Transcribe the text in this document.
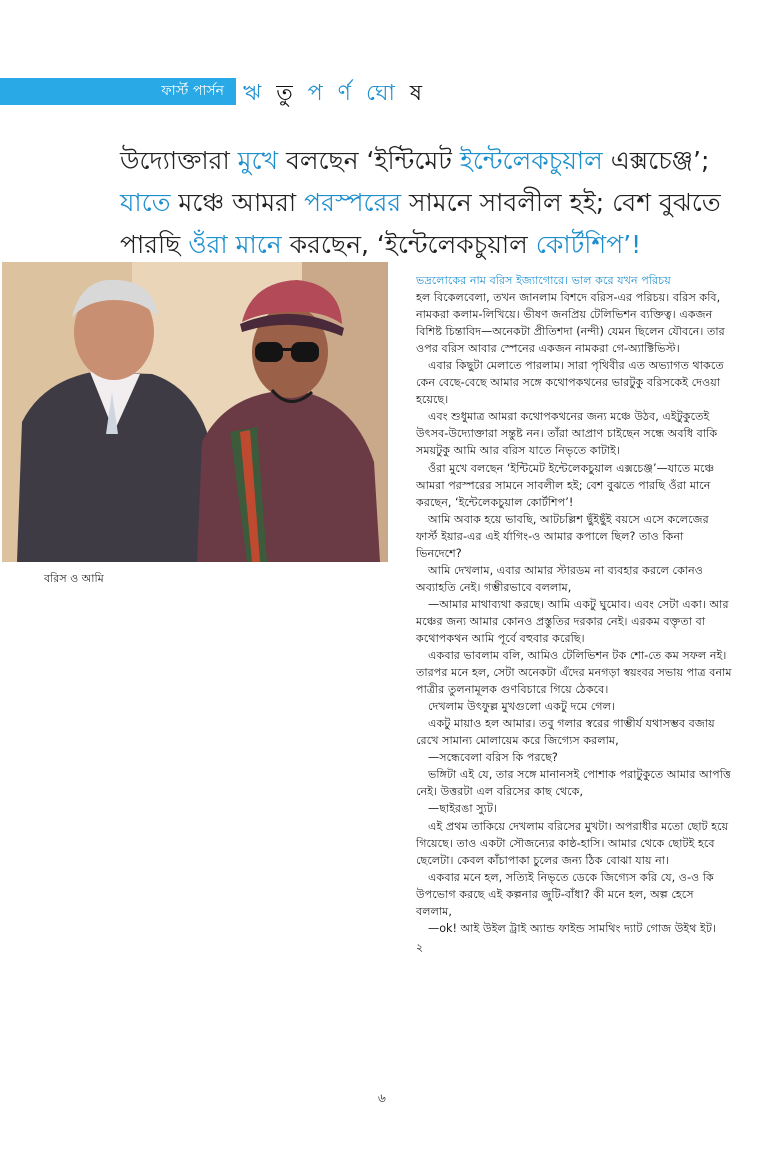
ফার্স্ট পার্সন ঋ তু প র্ণ ঘো ষ
উদ্যোক্তারা মুখে বলছেন ‘ইন্টিমেট ইন্টেলেকচুয়াল এক্সচেঞ্জ’; যাতে মঞ্চে আমরা পরস্পরের সামনে সাবলীল হই; বেশ বুঝতে পারছি ওঁরা মানে করছেন, ‘ইন্টেলেকচুয়াল কোর্টশিপ’!
বরিস ও আমি

ভদ্রলোকের নাম বরিস ইজ্যাগোরে। ভাল করে যখন পরিচয়

হল বিকেলবেলা, তখন জানলাম বিশদে বরিস-এর পরিচয়। বরিস কবি, নামকরা কলাম-লিখিয়ে। ভীষণ জনপ্রিয় টেলিভিশন ব্যক্তিত্ব। একজন বিশিষ্ট চিন্তাবিদ—অনেকটা প্রীতিশদা (নন্দী) যেমন ছিলেন যৌবনে। তার ওপর বরিস আবার স্পেনের একজন নামকরা গে-অ্যাক্টিভিস্ট।

এবার কিছুটা মেলাতে পারলাম। সারা পৃথিবীর এত অভ্যাগত থাকতে কেন বেছে-বেছে আমার সঙ্গে কথোপকথনের ভারটুকু বরিসকেই দেওয়া হয়েছে।

এবং শুধুমাত্র আমরা কথোপকথনের জন্য মঞ্চে উঠব, এইটুকুতেই উৎসব-উদ্যোক্তারা সন্তুষ্ট নন। তাঁরা আপ্রাণ চাইছেন সন্ধে অবধি বাকি সময়টুকু আমি আর বরিস যাতে নিভৃতে কাটাই।

ওঁরা মুখে বলছেন ‘ইন্টিমেট ইন্টেলেকচুয়াল এক্সচেঞ্জ’—যাতে মঞ্চে আমরা পরস্পরের সামনে সাবলীল হই; বেশ বুঝতে পারছি ওঁরা মানে করছেন, ‘ইন্টেলেকচুয়াল কোর্টশিপ’!

আমি অবাক হয়ে ভাবছি, আটচল্লিশ ছুঁইছুঁই বয়সে এসে কলেজের ফার্স্ট ইয়ার-এর এই র্যাগিং-ও আমার কপালে ছিল? তাও কিনা ভিনদেশে?

আমি দেখলাম, এবার আমার স্টারডম না ব্যবহার করলে কোনও অব্যাহতি নেই। গম্ভীরভাবে বললাম,

—আমার মাথাব্যথা করছে। আমি একটু ঘুমোব। এবং সেটা একা। আর মঞ্চের জন্য আমার কোনও প্রস্তুতির দরকার নেই। এরকম বক্তৃতা বা কথোপকথন আমি পূর্বে বহুবার করেছি।

একবার ভাবলাম বলি, আমিও টেলিভিশন টক শো-তে কম সফল নই। তারপর মনে হল, সেটা অনেকটা এঁদের মনগড়া স্বয়ংবর সভায় পাত্র বনাম পাত্রীর তুলনামূলক গুণবিচারে গিয়ে ঠেকবে।

দেখলাম উৎফুল্ল মুখগুলো একটু দমে গেল।

একটু মায়াও হল আমার। তবু গলার স্বরের গাম্ভীর্য যথাসম্ভব বজায় রেখে সামান্য মোলায়েম করে জিগ্যেস করলাম,

—সন্ধেবেলা বরিস কি পরছে?

ভঙ্গিটা এই যে, তার সঙ্গে মানানসই পোশাক পরাটুকুতে আমার আপত্তি নেই। উত্তরটা এল বরিসের কাছ থেকে,

—ছাইরঙা স্যুট।

এই প্রথম তাকিয়ে দেখলাম বরিসের মুখটা। অপরাধীর মতো ছোট হয়ে গিয়েছে। তাও একটা সৌজন্যের কাষ্ঠ-হাসি। আমার থেকে ছোটই হবে ছেলেটা। কেবল কাঁচাপাকা চুলের জন্য ঠিক বোঝা যায় না।

একবার মনে হল, সত্যিই নিভৃতে ডেকে জিগ্যেস করি যে, ও-ও কি উপভোগ করছে এই কল্পনার জুটি-বাঁধা? কী মনে হল, অল্প হেসে বললাম,

—ok! আই উইল ট্রাই অ্যান্ড ফাইন্ড সামথিং দ্যাট গোজ উইথ ইট।

২

৬
